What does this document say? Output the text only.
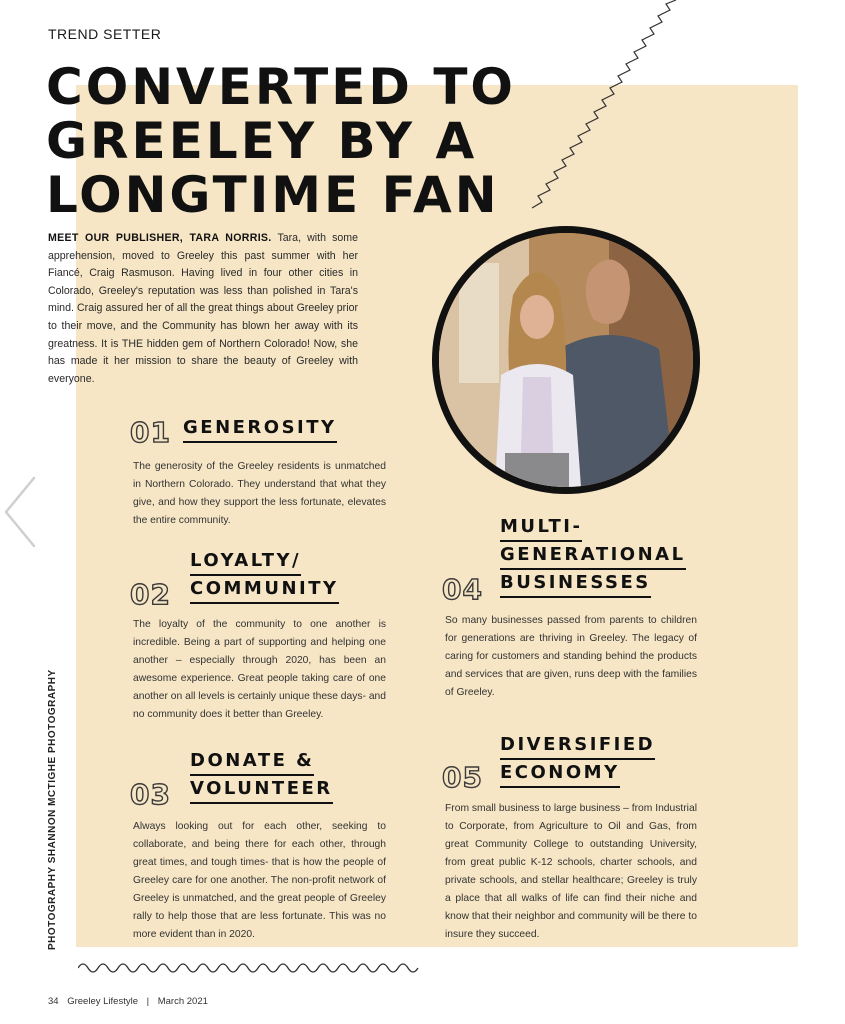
TREND SETTER
CONVERTED TO
GREELEY BY A
LONGTIME FAN

MEET OUR PUBLISHER, TARA NORRIS. Tara, with some apprehension, moved to Greeley this past summer with her Fiancé, Craig Rasmuson. Having lived in four other cities in Colorado, Greeley's reputation was less than polished in Tara's mind. Craig assured her of all the great things about Greeley prior to their move, and the Community has blown her away with its greatness. It is THE hidden gem of Northern Colorado! Now, she has made it her mission to share the beauty of Greeley with everyone.

01 GENEROSITY

The generosity of the Greeley residents is unmatched in Northern Colorado. They understand that what they give, and how they support the less fortunate, elevates the entire community.

LOYALTY/
COMMUNITY
02

The loyalty of the community to one another is incredible. Being a part of supporting and helping one another – especially through 2020, has been an awesome experience. Great people taking care of one another on all levels is certainly unique these days- and no community does it better than Greeley.

DONATE &
VOLUNTEER
03

Always looking out for each other, seeking to collaborate, and being there for each other, through great times, and tough times- that is how the people of Greeley care for one another. The non-profit network of Greeley is unmatched, and the great people of Greeley rally to help those that are less fortunate. This was no more evident than in 2020.

MULTI-
GENERATIONAL
BUSINESSES
04

So many businesses passed from parents to children for generations are thriving in Greeley. The legacy of caring for customers and standing behind the products and services that are given, runs deep with the families of Greeley.

DIVERSIFIED
ECONOMY
05

From small business to large business – from Industrial to Corporate, from Agriculture to Oil and Gas, from great Community College to outstanding University, from great public K-12 schools, charter schools, and private schools, and stellar healthcare; Greeley is truly a place that all walks of life can find their niche and know that their neighbor and community will be there to insure they succeed.

PHOTOGRAPHY SHANNON MCTIGHE PHOTOGRAPHY
34 Greeley Lifestyle | March 2021
